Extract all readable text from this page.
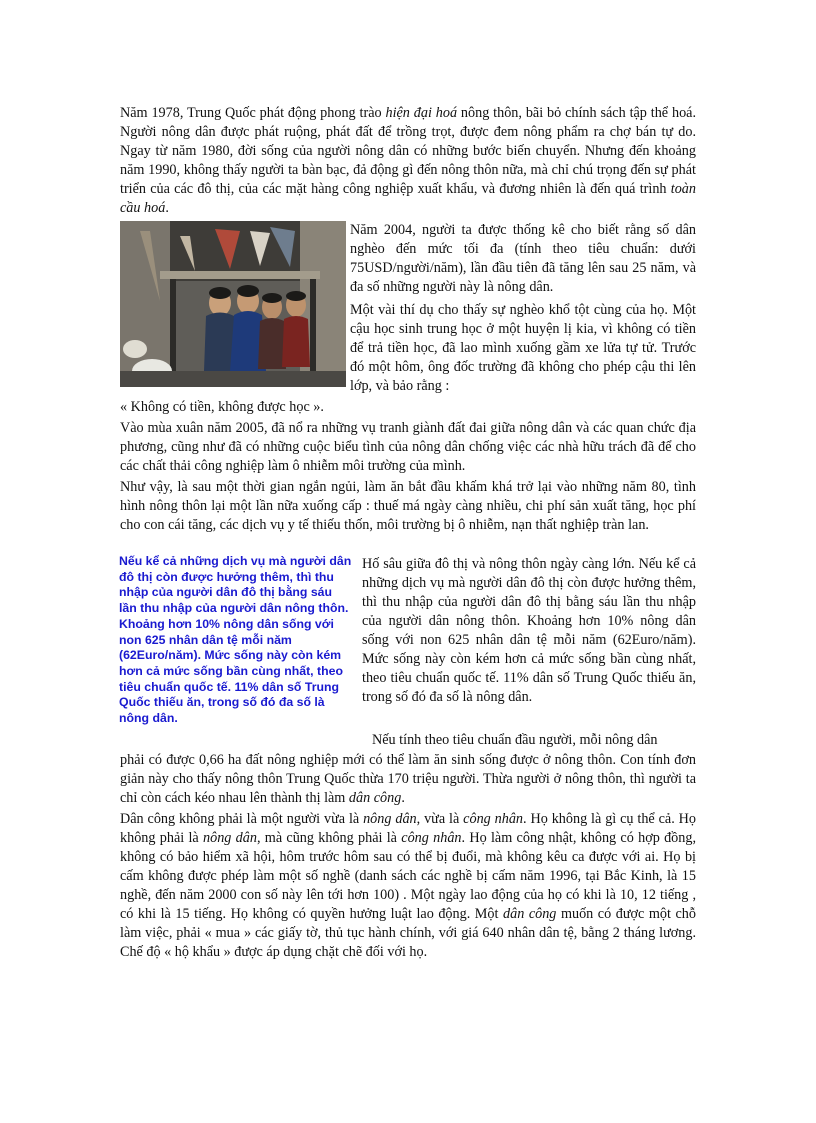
Năm 1978, Trung Quốc phát động phong trào hiện đại hoá nông thôn, bãi bỏ chính sách tập thể hoá. Người nông dân được phát ruộng, phát đất để trồng trọt, được đem nông phẩm ra chợ bán tự do. Ngay từ năm 1980, đời sống của người nông dân có những bước biến chuyển. Nhưng đến khoảng năm 1990, không thấy người ta bàn bạc, đả động gì đến nông thôn nữa, mà chỉ chú trọng đến sự phát triển của các đô thị, của các mặt hàng công nghiệp xuất khẩu, và đương nhiên là đến quá trình toàn cầu hoá.

Năm 2004, người ta được thống kê cho biết rằng số dân nghèo đến mức tối đa (tính theo tiêu chuẩn: dưới 75USD/người/năm), lần đầu tiên đã tăng lên sau 25 năm, và đa số những người này là nông dân.

Một vài thí dụ cho thấy sự nghèo khổ tột cùng của họ. Một cậu học sinh trung học ở một huyện lị kia, vì không có tiền để trả tiền học, đã lao mình xuống gầm xe lửa tự tử. Trước đó một hôm, ông đốc trường đã không cho phép cậu thi lên lớp, và bảo rằng :

« Không có tiền, không được học ».

Vào mùa xuân năm 2005, đã nổ ra những vụ tranh giành đất đai giữa nông dân và các quan chức địa phương, cũng như đã có những cuộc biểu tình của nông dân chống việc các nhà hữu trách đã để cho các chất thải công nghiệp làm ô nhiễm môi trường của mình.

Như vậy, là sau một thời gian ngắn ngủi, làm ăn bắt đầu khấm khá trở lại vào những năm 80, tình hình nông thôn lại một lần nữa xuống cấp : thuế má ngày càng nhiều, chi phí sản xuất tăng, học phí cho con cái tăng, các dịch vụ y tế thiếu thốn, môi trường bị ô nhiễm, nạn thất nghiệp tràn lan.

Nếu kể cả những dịch vụ mà người dân đô thị còn được hưởng thêm, thì thu nhập của người dân đô thị bằng sáu lần thu nhập của người dân nông thôn. Khoảng hơn 10% nông dân sống với non 625 nhân dân tệ mỗi năm (62Euro/năm). Mức sống này còn kém hơn cả mức sống bần cùng nhất, theo tiêu chuẩn quốc tế. 11% dân số Trung Quốc thiếu ăn, trong số đó đa số là nông dân.

Hố sâu giữa đô thị và nông thôn ngày càng lớn. Nếu kể cả những dịch vụ mà người dân đô thị còn được hưởng thêm, thì thu nhập của người dân đô thị bằng sáu lần thu nhập của người dân nông thôn. Khoảng hơn 10% nông dân sống với non 625 nhân dân tệ mỗi năm (62Euro/năm). Mức sống này còn kém hơn cả mức sống bần cùng nhất, theo tiêu chuẩn quốc tế. 11% dân số Trung Quốc thiếu ăn, trong số đó đa số là nông dân.

Nếu tính theo tiêu chuẩn đầu người, mỗi nông dân

phải có được 0,66 ha đất nông nghiệp mới có thể làm ăn sinh sống được ở nông thôn. Con tính đơn giản này cho thấy nông thôn Trung Quốc thừa 170 triệu người. Thừa người ở nông thôn, thì người ta chỉ còn cách kéo nhau lên thành thị làm dân công.

Dân công không phải là một người vừa là nông dân, vừa là công nhân. Họ không là gì cụ thể cả. Họ không phải là nông dân, mà cũng không phải là công nhân. Họ làm công nhật, không có hợp đồng, không có bảo hiểm xã hội, hôm trước hôm sau có thể bị đuổi, mà không kêu ca được với ai. Họ bị cấm không được phép làm một số nghề (danh sách các nghề bị cấm năm 1996, tại Bắc Kinh, là 15 nghề, đến năm 2000 con số này lên tới hơn 100) . Một ngày lao động của họ có khi là 10, 12 tiếng , có khi là 15 tiếng. Họ không có quyền hưởng luật lao động. Một dân công muốn có được một chỗ làm việc, phải « mua » các giấy tờ, thủ tục hành chính, với giá 640 nhân dân tệ, bằng 2 tháng lương. Chế độ « hộ khẩu » được áp dụng chặt chẽ đối với họ.
